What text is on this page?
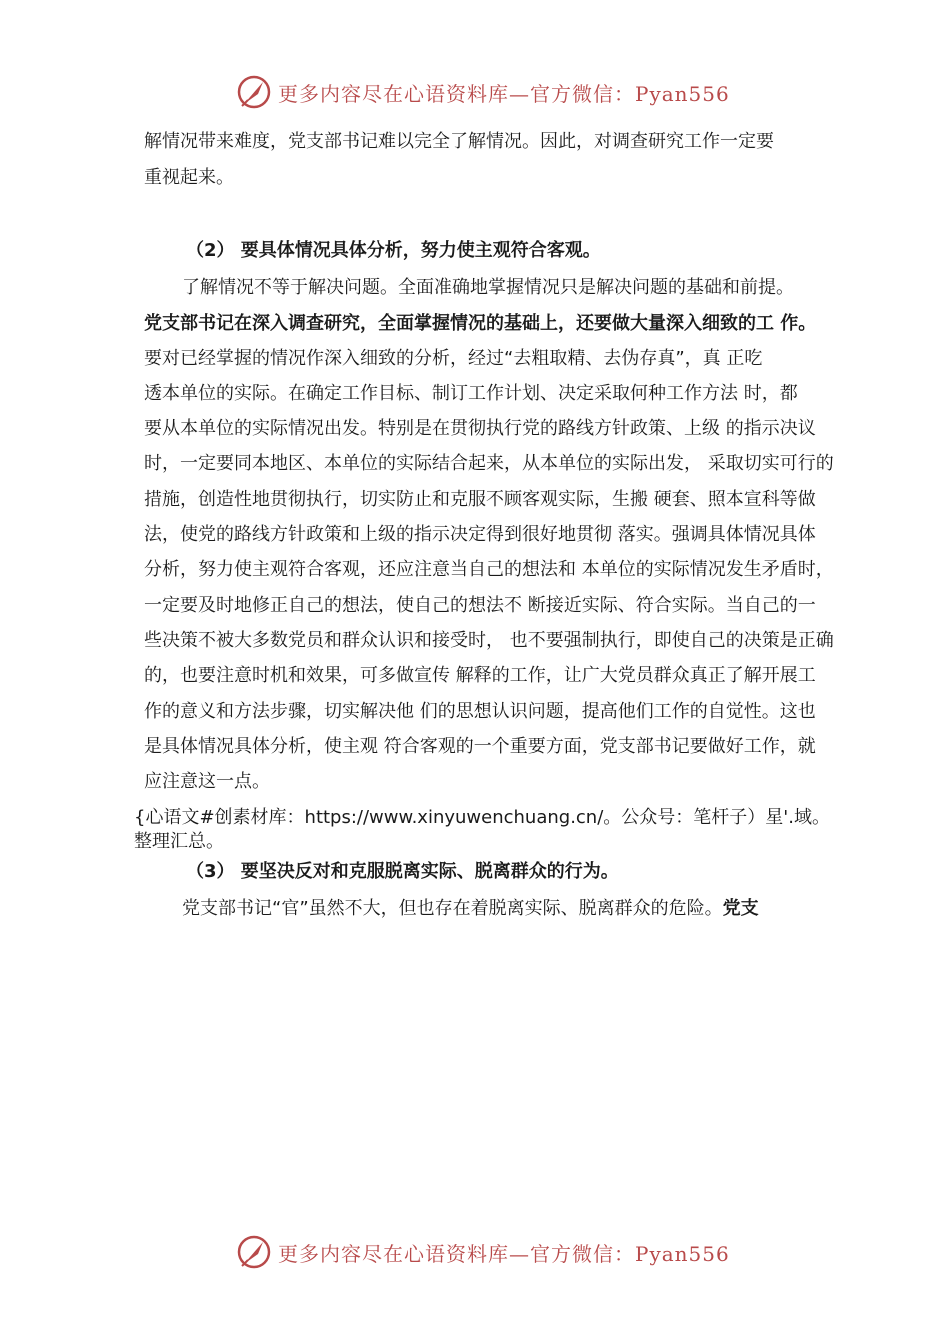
更多内容尽在心语资料库—官方微信：Pyan556
解情况带来难度，党支部书记难以完全了解情况。因此，对调查研究工作一定要
重视起来。
（2） 要具体情况具体分析，努力使主观符合客观。
了解情况不等于解决问题。全面准确地掌握情况只是解决问题的基础和前提。
党支部书记在深入调查研究，全面掌握情况的基础上，还要做大量深入细致的工 作。
要对已经掌握的情况作深入细致的分析，经过“去粗取精、去伪存真”，真 正吃
透本单位的实际。在确定工作目标、制订工作计划、决定采取何种工作方法 时，都
要从本单位的实际情况出发。特别是在贯彻执行党的路线方针政策、上级 的指示决议
时，一定要同本地区、本单位的实际结合起来，从本单位的实际出发， 采取切实可行的
措施，创造性地贯彻执行，切实防止和克服不顾客观实际，生搬 硬套、照本宣科等做
法，使党的路线方针政策和上级的指示决定得到很好地贯彻 落实。强调具体情况具体
分析，努力使主观符合客观，还应注意当自己的想法和 本单位的实际情况发生矛盾时，
一定要及时地修正自己的想法，使自己的想法不 断接近实际、符合实际。当自己的一
些决策不被大多数党员和群众认识和接受时， 也不要强制执行，即使自己的决策是正确
的，也要注意时机和效果，可多做宣传 解释的工作，让广大党员群众真正了解开展工
作的意义和方法步骤，切实解决他 们的思想认识问题，提高他们工作的自觉性。这也
是具体情况具体分析，使主观 符合客观的一个重要方面，党支部书记要做好工作，就
应注意这一点。
{心语文#创素材库：https://www.xinyuwenchuang.cn/。公众号：笔杆子）星'.域。
整理汇总。
（3） 要坚决反对和克服脱离实际、脱离群众的行为。
党支部书记“官”虽然不大，但也存在着脱离实际、脱离群众的危险。党支
更多内容尽在心语资料库—官方微信：Pyan556
